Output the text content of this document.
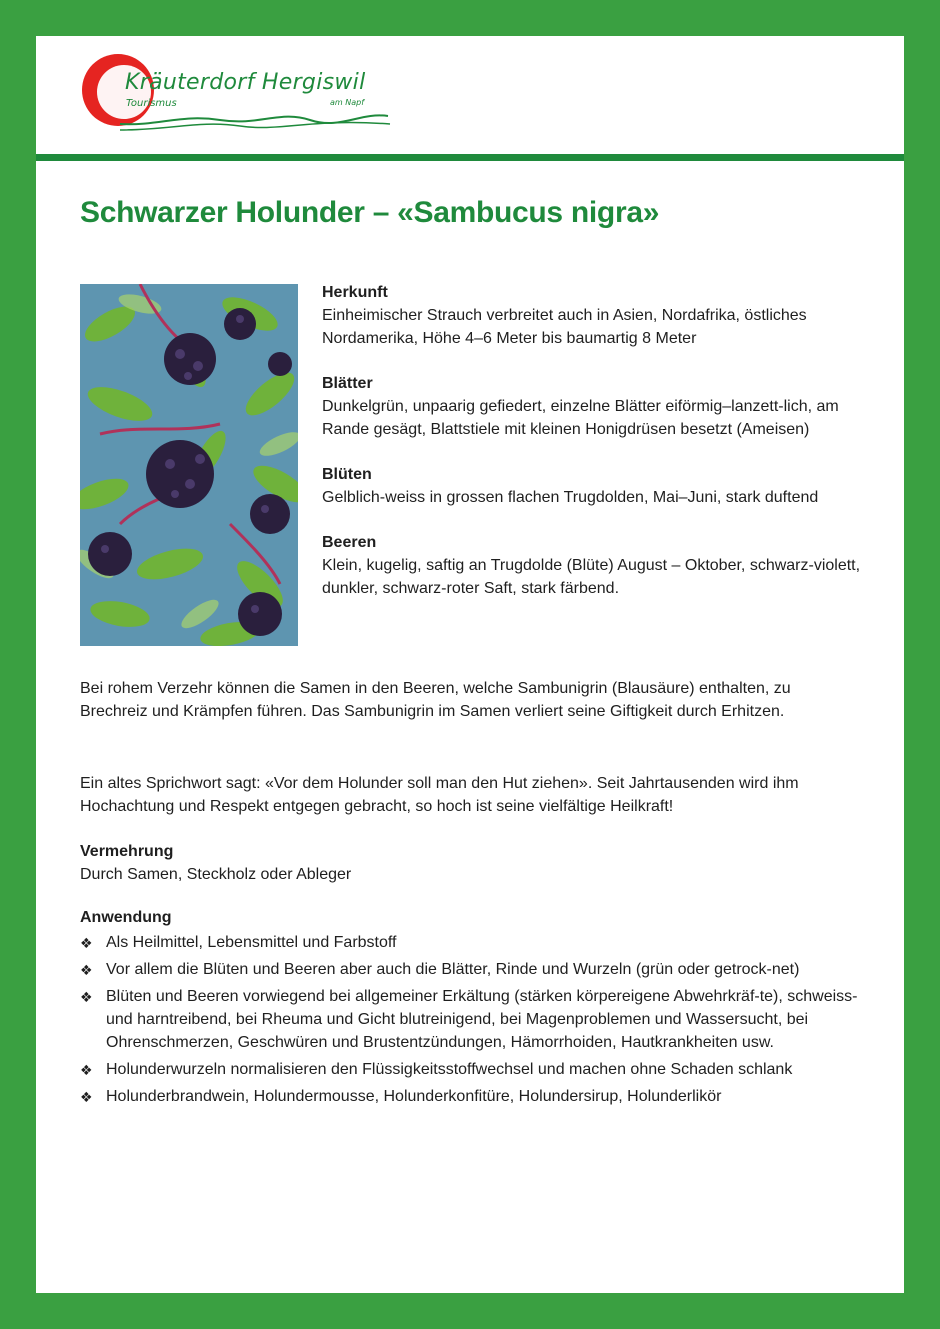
Kräuterdorf Hergiswil
Tourismus	am Napf
Schwarzer Holunder – «Sambucus nigra»
Herkunft
Einheimischer Strauch verbreitet auch in Asien, Nordafrika, östliches Nordamerika, Höhe 4–6 Meter bis baumartig 8 Meter
Blätter
Dunkelgrün, unpaarig gefiedert, einzelne Blätter eiförmig–lanzett-lich, am Rande gesägt, Blattstiele mit kleinen Honigdrüsen besetzt (Ameisen)
Blüten
Gelblich-weiss in grossen flachen Trugdolden, Mai–Juni, stark duftend
Beeren
Klein, kugelig, saftig an Trugdolde (Blüte) August – Oktober, schwarz-violett, dunkler, schwarz-roter Saft, stark färbend.
Bei rohem Verzehr können die Samen in den Beeren, welche Sambunigrin (Blausäure) enthalten, zu Brechreiz und Krämpfen führen. Das Sambunigrin im Samen verliert seine Giftigkeit durch Erhitzen.
Ein altes Sprichwort sagt: «Vor dem Holunder soll man den Hut ziehen». Seit Jahrtausenden wird ihm Hochachtung und Respekt entgegen gebracht, so hoch ist seine vielfältige Heilkraft!
Vermehrung
Durch Samen, Steckholz oder Ableger
Anwendung
❖ Als Heilmittel, Lebensmittel und Farbstoff
❖ Vor allem die Blüten und Beeren aber auch die Blätter, Rinde und Wurzeln (grün oder getrock-net)
❖ Blüten und Beeren vorwiegend bei allgemeiner Erkältung (stärken körpereigene Abwehrkräf-te), schweiss- und harntreibend, bei Rheuma und Gicht blutreinigend, bei Magenproblemen und Wassersucht, bei Ohrenschmerzen, Geschwüren und Brustentzündungen, Hämorrhoiden, Hautkrankheiten usw.
❖ Holunderwurzeln normalisieren den Flüssigkeitsstoffwechsel und machen ohne Schaden schlank
❖ Holunderbrandwein, Holundermousse, Holunderkonfitüre, Holundersirup, Holunderlikör
